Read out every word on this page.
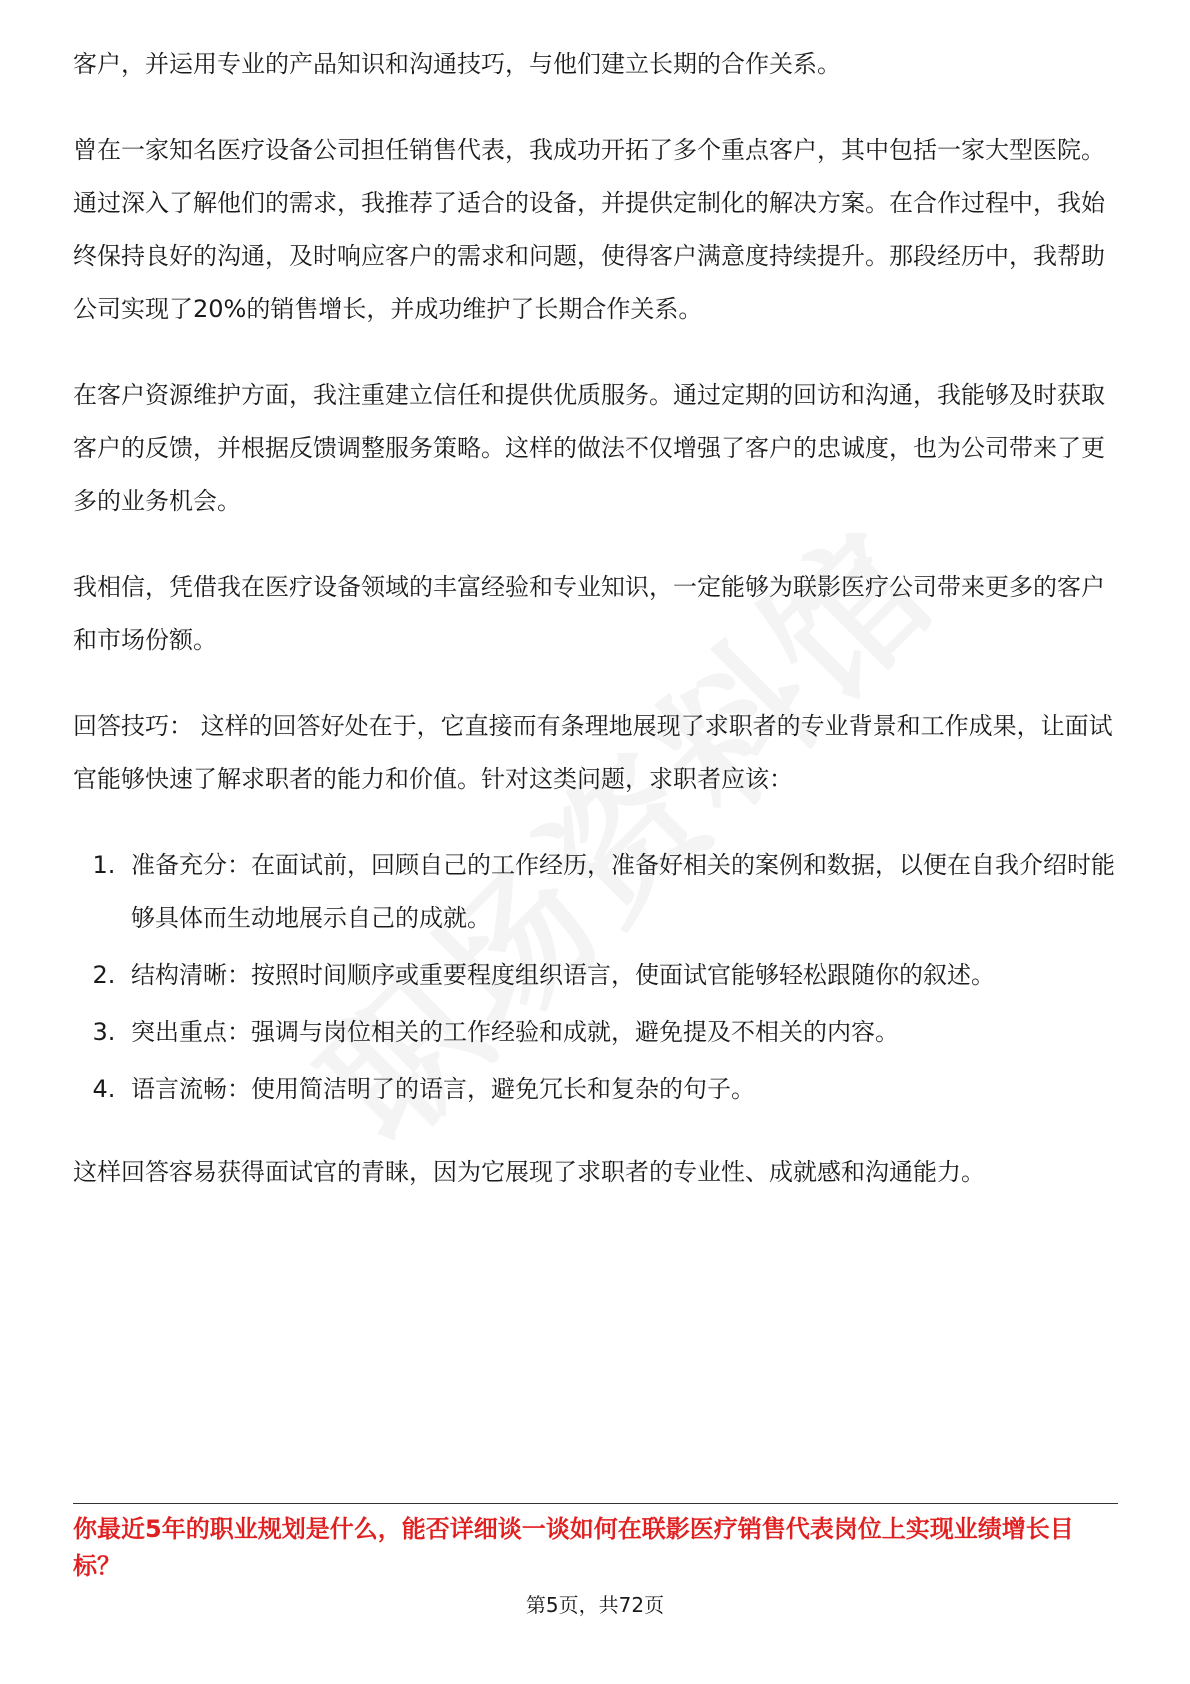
客户，并运用专业的产品知识和沟通技巧，与他们建立长期的合作关系。

曾在一家知名医疗设备公司担任销售代表，我成功开拓了多个重点客户，其中包括一家大型医院。通过深入了解他们的需求，我推荐了适合的设备，并提供定制化的解决方案。在合作过程中，我始终保持良好的沟通，及时响应客户的需求和问题，使得客户满意度持续提升。那段经历中，我帮助公司实现了20%的销售增长，并成功维护了长期合作关系。

在客户资源维护方面，我注重建立信任和提供优质服务。通过定期的回访和沟通，我能够及时获取客户的反馈，并根据反馈调整服务策略。这样的做法不仅增强了客户的忠诚度，也为公司带来了更多的业务机会。

我相信，凭借我在医疗设备领域的丰富经验和专业知识，一定能够为联影医疗公司带来更多的客户和市场份额。

回答技巧： 这样的回答好处在于，它直接而有条理地展现了求职者的专业背景和工作成果，让面试官能够快速了解求职者的能力和价值。针对这类问题，求职者应该：

1. 准备充分：在面试前，回顾自己的工作经历，准备好相关的案例和数据，以便在自我介绍时能够具体而生动地展示自己的成就。
2. 结构清晰：按照时间顺序或重要程度组织语言，使面试官能够轻松跟随你的叙述。
3. 突出重点：强调与岗位相关的工作经验和成就，避免提及不相关的内容。
4. 语言流畅：使用简洁明了的语言，避免冗长和复杂的句子。

这样回答容易获得面试官的青睐，因为它展现了求职者的专业性、成就感和沟通能力。

你最近5年的职业规划是什么，能否详细谈一谈如何在联影医疗销售代表岗位上实现业绩增长目标？
第5页，共72页
